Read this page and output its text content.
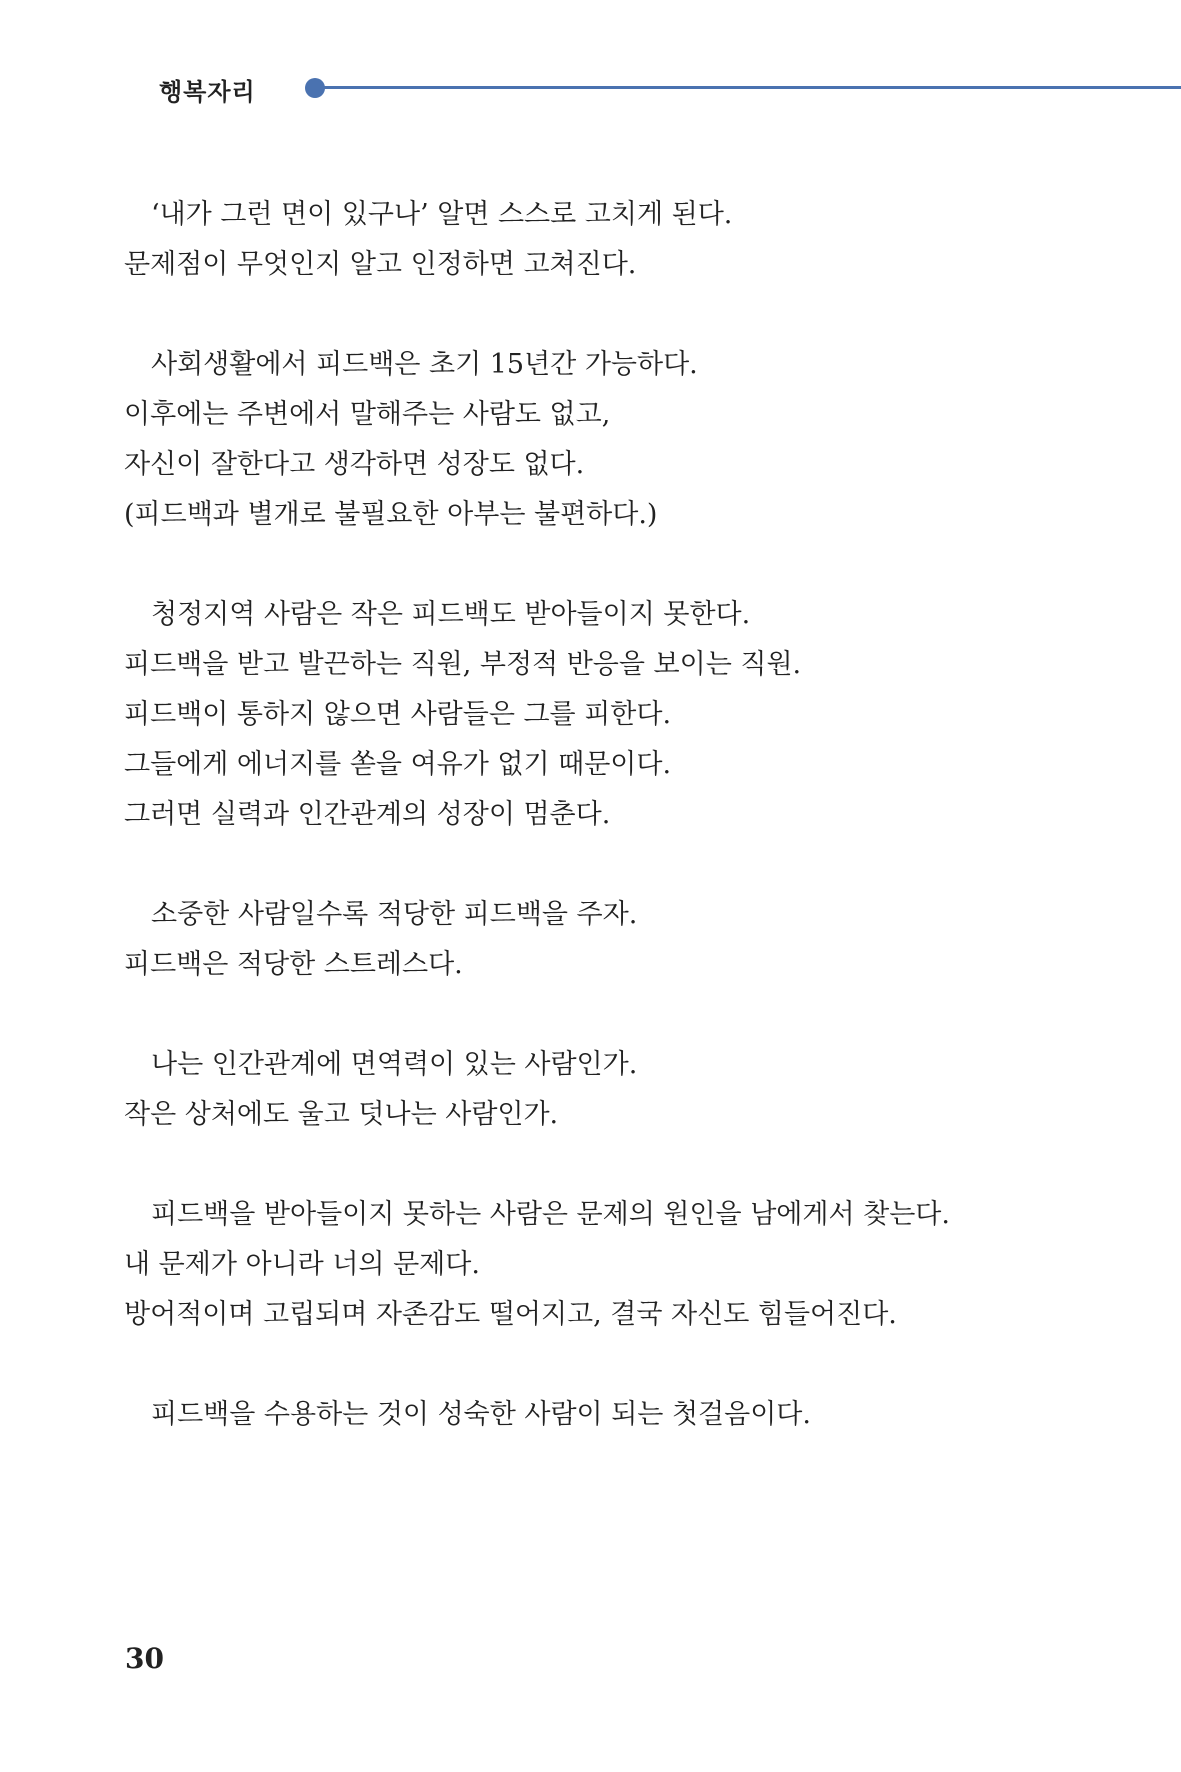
행복자리
‘내가 그런 면이 있구나’ 알면 스스로 고치게 된다.
문제점이 무엇인지 알고 인정하면 고쳐진다.
사회생활에서 피드백은 초기 15년간 가능하다.
이후에는 주변에서 말해주는 사람도 없고,
자신이 잘한다고 생각하면 성장도 없다.
(피드백과 별개로 불필요한 아부는 불편하다.)
청정지역 사람은 작은 피드백도 받아들이지 못한다.
피드백을 받고 발끈하는 직원, 부정적 반응을 보이는 직원.
피드백이 통하지 않으면 사람들은 그를 피한다.
그들에게 에너지를 쏟을 여유가 없기 때문이다.
그러면 실력과 인간관계의 성장이 멈춘다.
소중한 사람일수록 적당한 피드백을 주자.
피드백은 적당한 스트레스다.
나는 인간관계에 면역력이 있는 사람인가.
작은 상처에도 울고 덧나는 사람인가.
피드백을 받아들이지 못하는 사람은 문제의 원인을 남에게서 찾는다.
내 문제가 아니라 너의 문제다.
방어적이며 고립되며 자존감도 떨어지고, 결국 자신도 힘들어진다.
피드백을 수용하는 것이 성숙한 사람이 되는 첫걸음이다.
30
